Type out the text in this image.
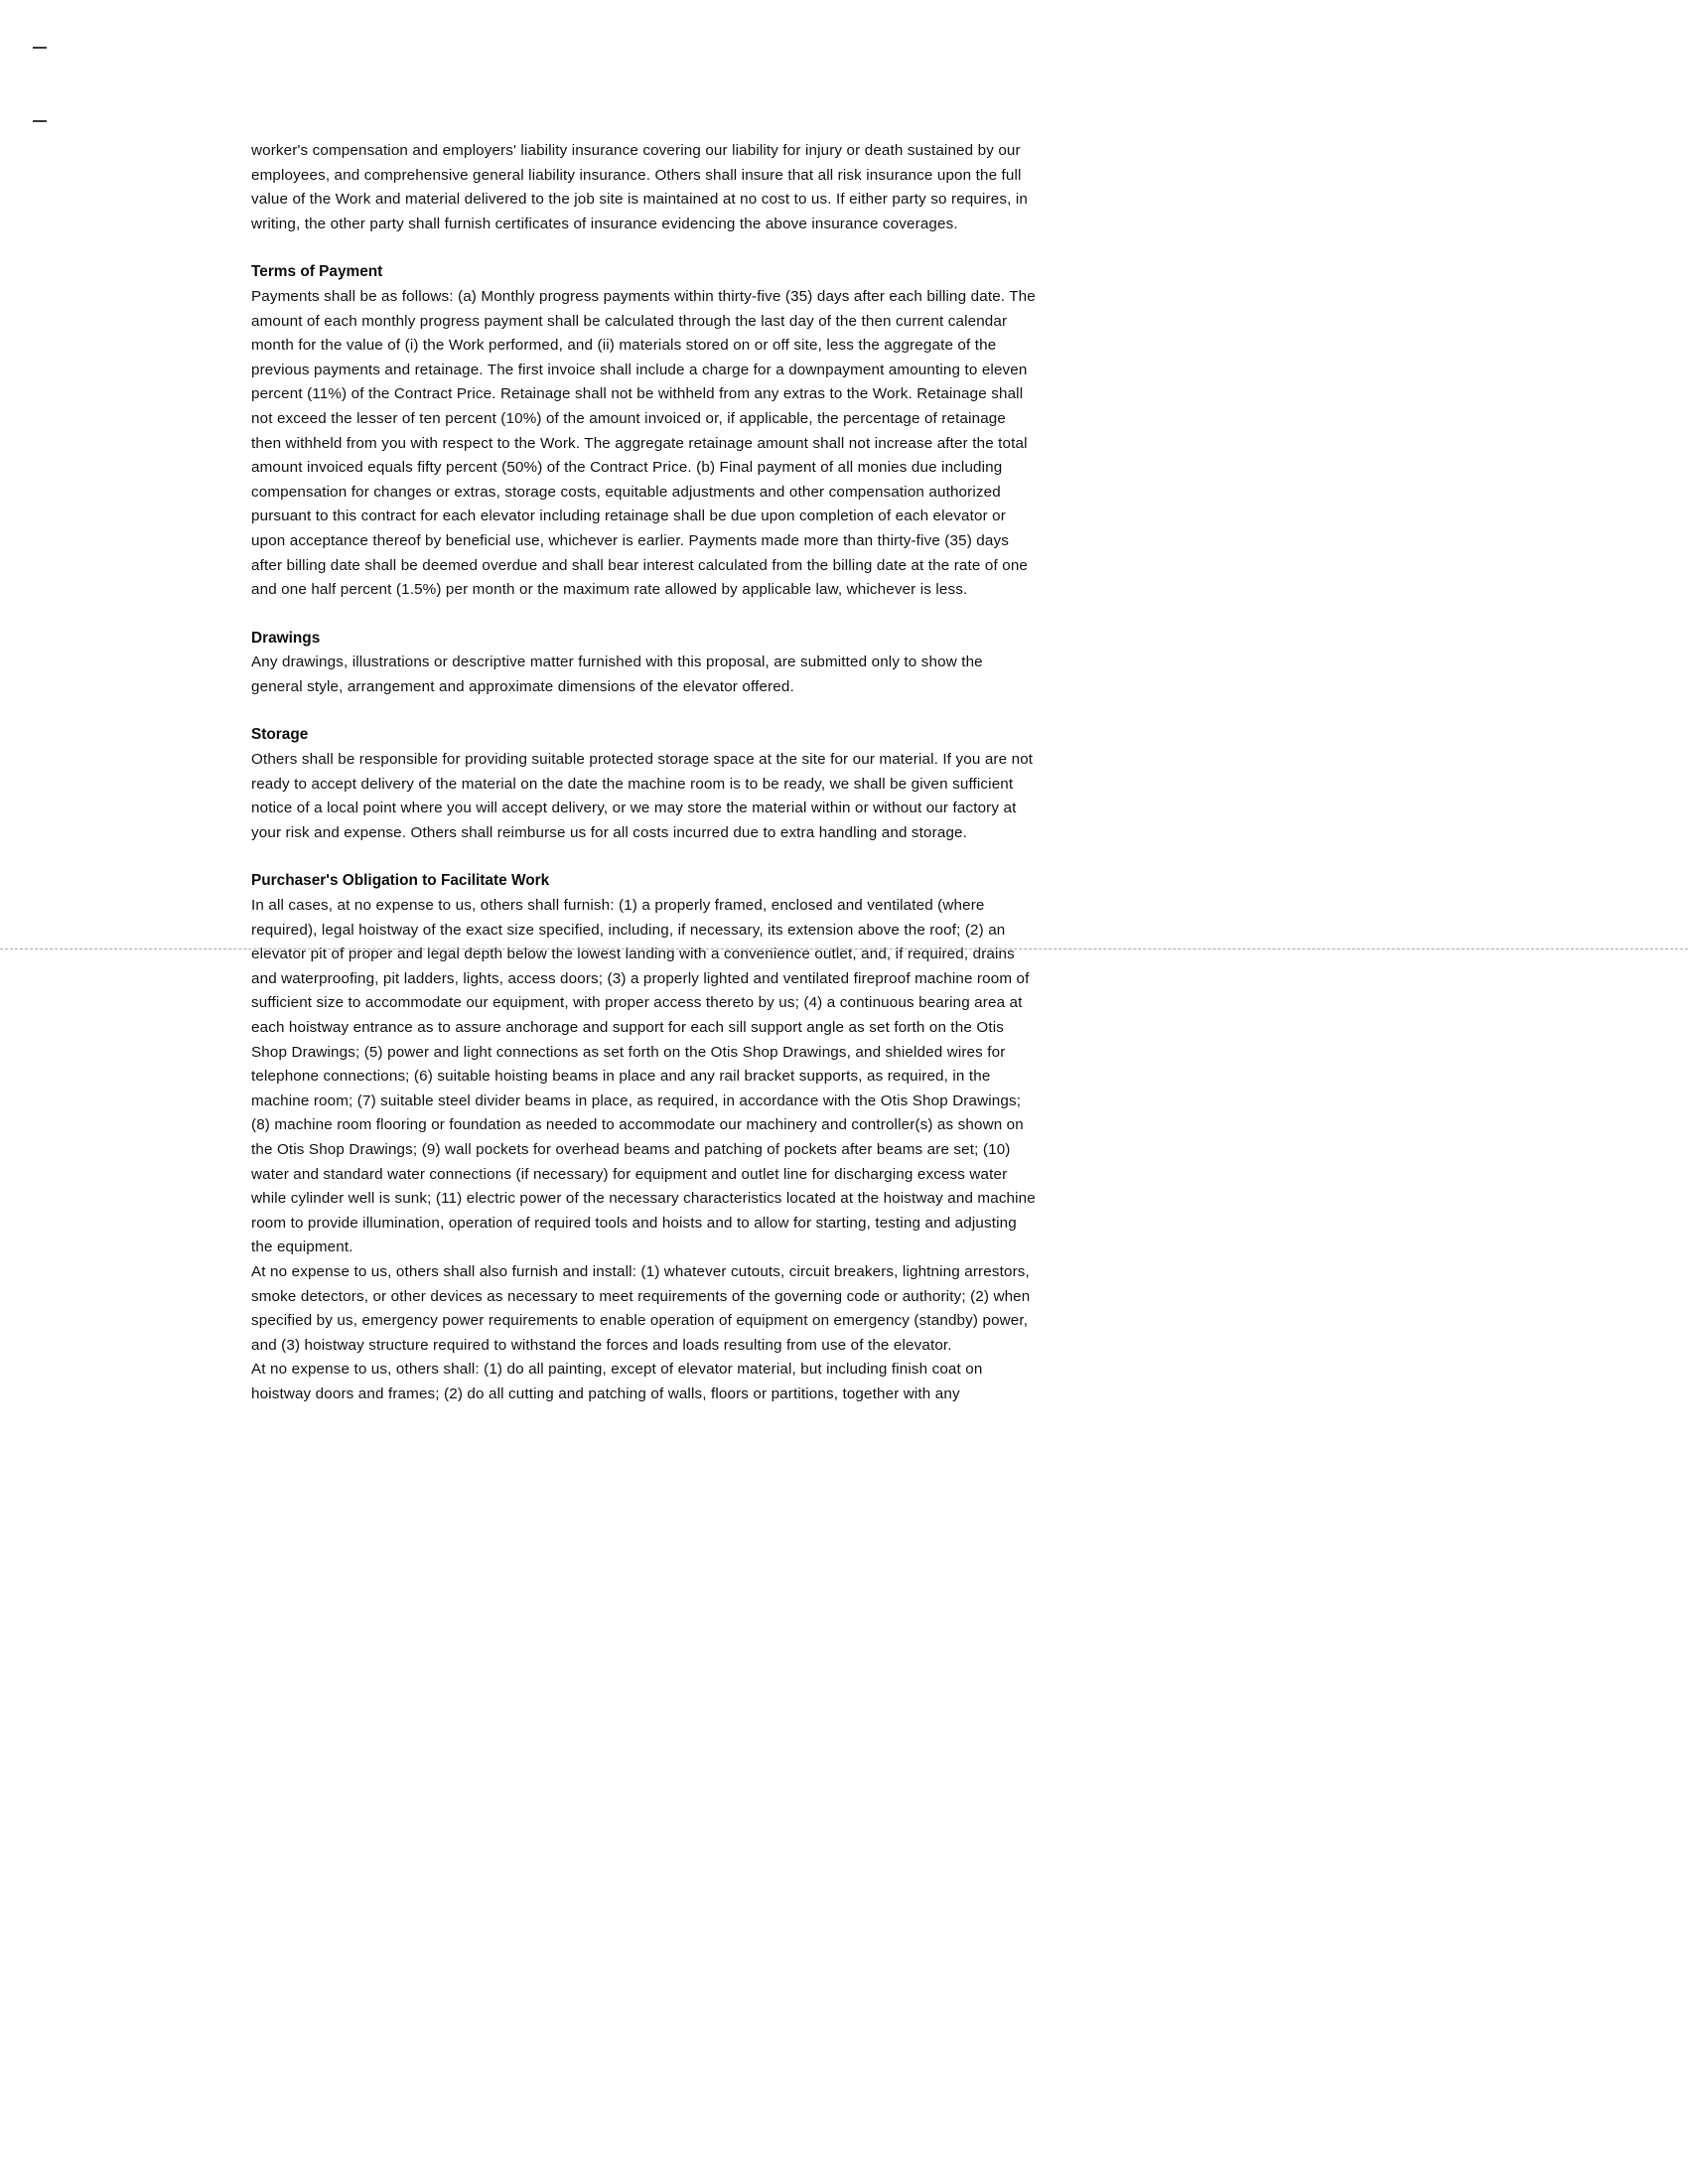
worker's compensation and employers' liability insurance covering our liability for injury or death sustained by our employees, and comprehensive general liability insurance. Others shall insure that all risk insurance upon the full value of the Work and material delivered to the job site is maintained at no cost to us. If either party so requires, in writing, the other party shall furnish certificates of insurance evidencing the above insurance coverages.

Terms of Payment

Payments shall be as follows: (a) Monthly progress payments within thirty-five (35) days after each billing date. The amount of each monthly progress payment shall be calculated through the last day of the then current calendar month for the value of (i) the Work performed, and (ii) materials stored on or off site, less the aggregate of the previous payments and retainage. The first invoice shall include a charge for a downpayment amounting to eleven percent (11%) of the Contract Price. Retainage shall not be withheld from any extras to the Work. Retainage shall not exceed the lesser of ten percent (10%) of the amount invoiced or, if applicable, the percentage of retainage then withheld from you with respect to the Work. The aggregate retainage amount shall not increase after the total amount invoiced equals fifty percent (50%) of the Contract Price. (b) Final payment of all monies due including compensation for changes or extras, storage costs, equitable adjustments and other compensation authorized pursuant to this contract for each elevator including retainage shall be due upon completion of each elevator or upon acceptance thereof by beneficial use, whichever is earlier. Payments made more than thirty-five (35) days after billing date shall be deemed overdue and shall bear interest calculated from the billing date at the rate of one and one half percent (1.5%) per month or the maximum rate allowed by applicable law, whichever is less.

Drawings

Any drawings, illustrations or descriptive matter furnished with this proposal, are submitted only to show the general style, arrangement and approximate dimensions of the elevator offered.

Storage

Others shall be responsible for providing suitable protected storage space at the site for our material. If you are not ready to accept delivery of the material on the date the machine room is to be ready, we shall be given sufficient notice of a local point where you will accept delivery, or we may store the material within or without our factory at your risk and expense. Others shall reimburse us for all costs incurred due to extra handling and storage.

Purchaser's Obligation to Facilitate Work

In all cases, at no expense to us, others shall furnish: (1) a properly framed, enclosed and ventilated (where required), legal hoistway of the exact size specified, including, if necessary, its extension above the roof; (2) an elevator pit of proper and legal depth below the lowest landing with a convenience outlet, and, if required, drains and waterproofing, pit ladders, lights, access doors; (3) a properly lighted and ventilated fireproof machine room of sufficient size to accommodate our equipment, with proper access thereto by us; (4) a continuous bearing area at each hoistway entrance as to assure anchorage and support for each sill support angle as set forth on the Otis Shop Drawings; (5) power and light connections as set forth on the Otis Shop Drawings, and shielded wires for telephone connections; (6) suitable hoisting beams in place and any rail bracket supports, as required, in the machine room; (7) suitable steel divider beams in place, as required, in accordance with the Otis Shop Drawings; (8) machine room flooring or foundation as needed to accommodate our machinery and controller(s) as shown on the Otis Shop Drawings; (9) wall pockets for overhead beams and patching of pockets after beams are set; (10) water and standard water connections (if necessary) for equipment and outlet line for discharging excess water while cylinder well is sunk; (11) electric power of the necessary characteristics located at the hoistway and machine room to provide illumination, operation of required tools and hoists and to allow for starting, testing and adjusting the equipment.

At no expense to us, others shall also furnish and install: (1) whatever cutouts, circuit breakers, lightning arrestors, smoke detectors, or other devices as necessary to meet requirements of the governing code or authority; (2) when specified by us, emergency power requirements to enable operation of equipment on emergency (standby) power, and (3) hoistway structure required to withstand the forces and loads resulting from use of the elevator.

At no expense to us, others shall: (1) do all painting, except of elevator material, but including finish coat on hoistway doors and frames; (2) do all cutting and patching of walls, floors or partitions, together with any
